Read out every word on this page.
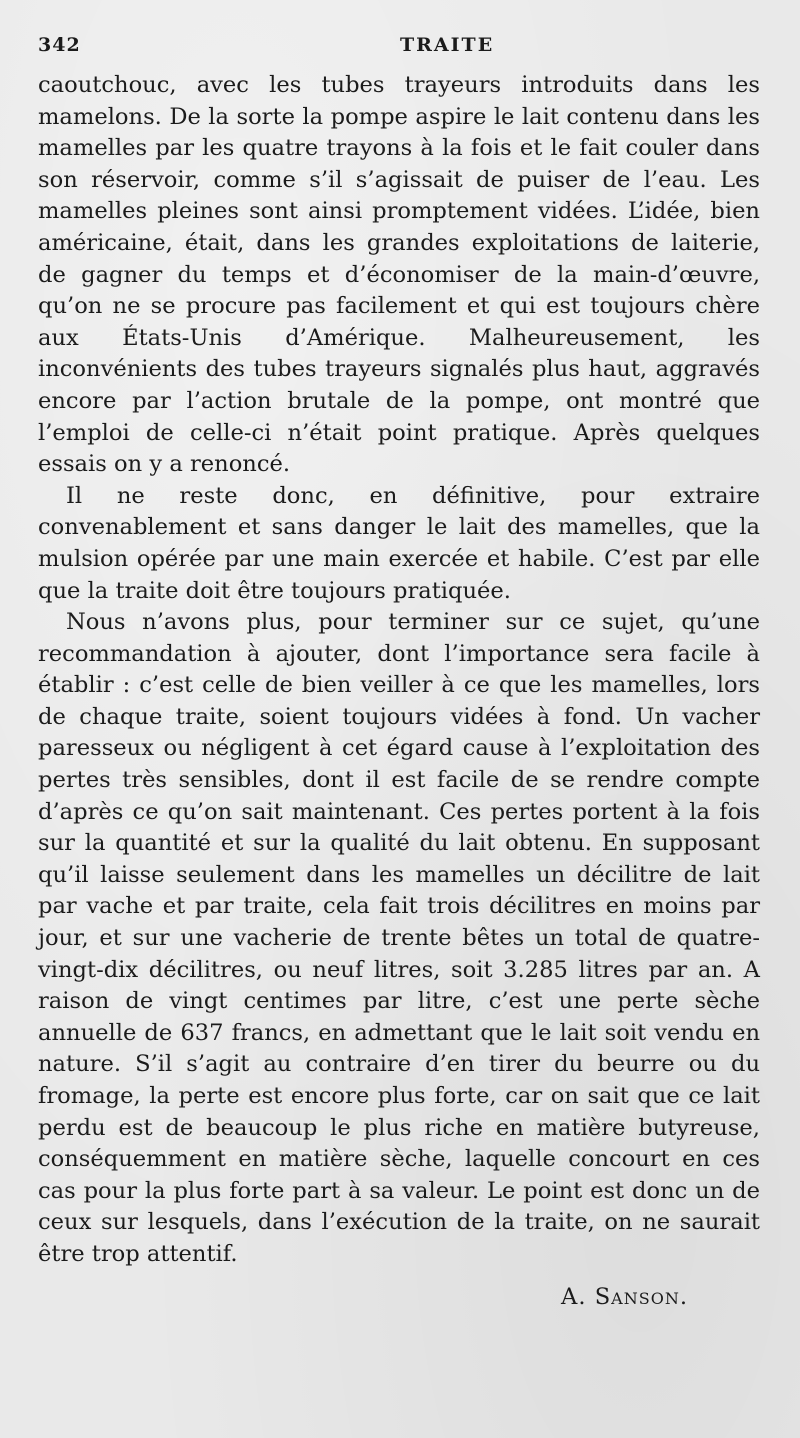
342	TRAITE

caoutchouc, avec les tubes trayeurs introduits dans les mamelons. De la sorte la pompe aspire le lait contenu dans les mamelles par les quatre trayons à la fois et le fait couler dans son réservoir, comme s’il s’agissait de puiser de l’eau. Les mamelles pleines sont ainsi promptement vidées. L’idée, bien américaine, était, dans les grandes exploitations de laiterie, de gagner du temps et d’économiser de la main-d’œuvre, qu’on ne se procure pas facilement et qui est toujours chère aux États-Unis d’Amérique. Malheureusement, les inconvénients des tubes trayeurs signalés plus haut, aggravés encore par l’action brutale de la pompe, ont montré que l’emploi de celle-ci n’était point pratique. Après quelques essais on y a renoncé.

Il ne reste donc, en définitive, pour extraire convenablement et sans danger le lait des mamelles, que la mulsion opérée par une main exercée et habile. C’est par elle que la traite doit être toujours pratiquée.

Nous n’avons plus, pour terminer sur ce sujet, qu’une recommandation à ajouter, dont l’importance sera facile à établir : c’est celle de bien veiller à ce que les mamelles, lors de chaque traite, soient toujours vidées à fond. Un vacher paresseux ou négligent à cet égard cause à l’exploitation des pertes très sensibles, dont il est facile de se rendre compte d’après ce qu’on sait maintenant. Ces pertes portent à la fois sur la quantité et sur la qualité du lait obtenu. En supposant qu’il laisse seulement dans les mamelles un décilitre de lait par vache et par traite, cela fait trois décilitres en moins par jour, et sur une vacherie de trente bêtes un total de quatre-vingt-dix décilitres, ou neuf litres, soit 3.285 litres par an. A raison de vingt centimes par litre, c’est une perte sèche annuelle de 637 francs, en admettant que le lait soit vendu en nature. S’il s’agit au contraire d’en tirer du beurre ou du fromage, la perte est encore plus forte, car on sait que ce lait perdu est de beaucoup le plus riche en matière butyreuse, conséquemment en matière sèche, laquelle concourt en ces cas pour la plus forte part à sa valeur. Le point est donc un de ceux sur lesquels, dans l’exécution de la traite, on ne saurait être trop attentif.

A. Sanson.
